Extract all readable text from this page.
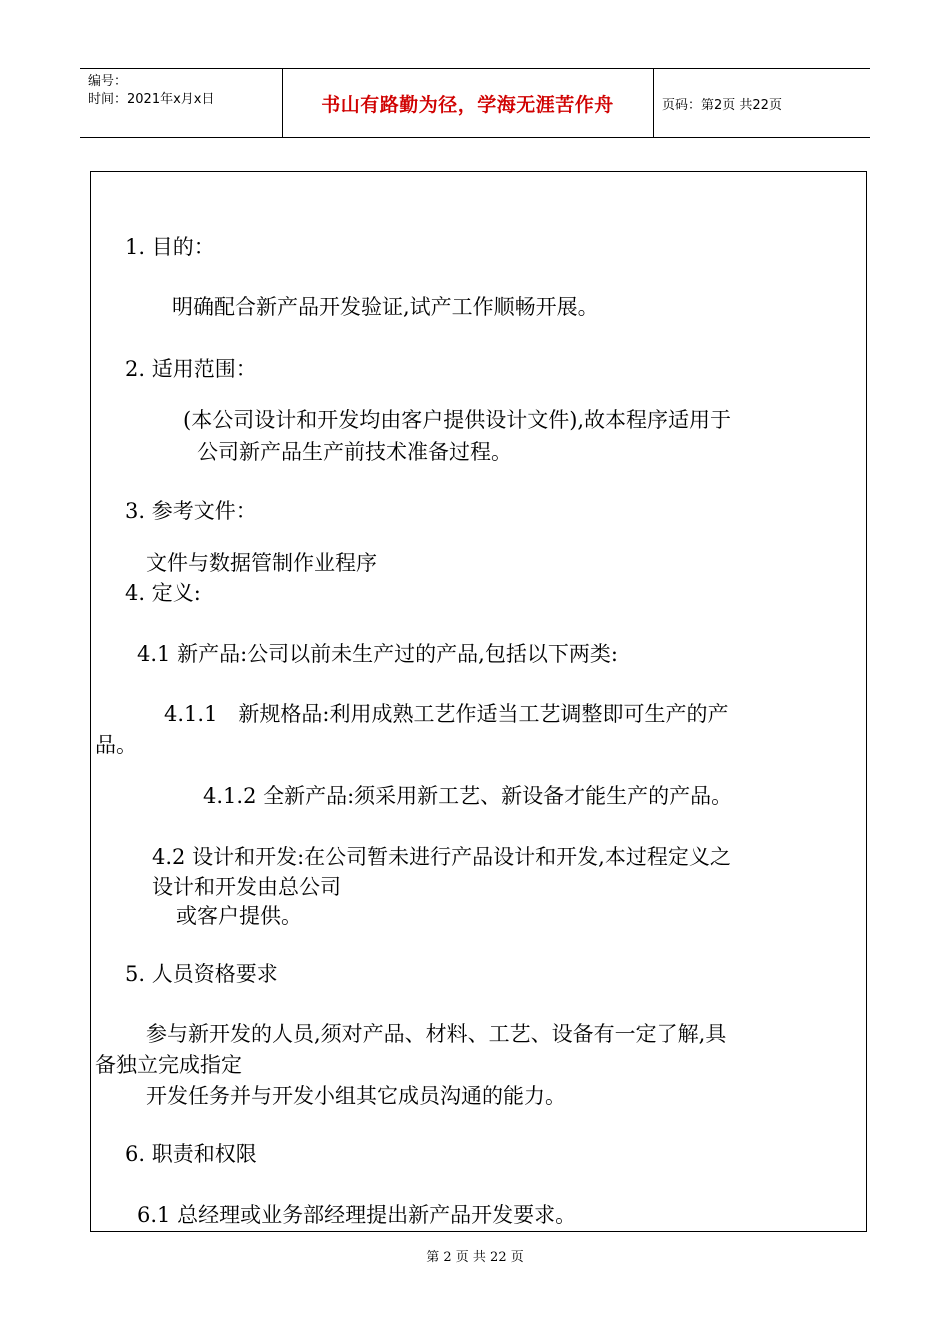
编号：
时间：2021年x月x日	书山有路勤为径，学海无涯苦作舟	页码：第2页 共22页
1. 目的：
明确配合新产品开发验证,试产工作顺畅开展。
2. 适用范围：
(本公司设计和开发均由客户提供设计文件),故本程序适用于
公司新产品生产前技术准备过程。
3. 参考文件：
文件与数据管制作业程序
4. 定义:
4.1 新产品:公司以前未生产过的产品,包括以下两类:
4.1.1　新规格品:利用成熟工艺作适当工艺调整即可生产的产
品。
4.1.2 全新产品:须采用新工艺、新设备才能生产的产品。
4.2 设计和开发:在公司暂未进行产品设计和开发,本过程定义之
设计和开发由总公司
或客户提供。
5. 人员资格要求
参与新开发的人员,须对产品、材料、工艺、设备有一定了解,具
备独立完成指定
开发任务并与开发小组其它成员沟通的能力。
6. 职责和权限
6.1 总经理或业务部经理提出新产品开发要求。
第 2 页 共 22 页
